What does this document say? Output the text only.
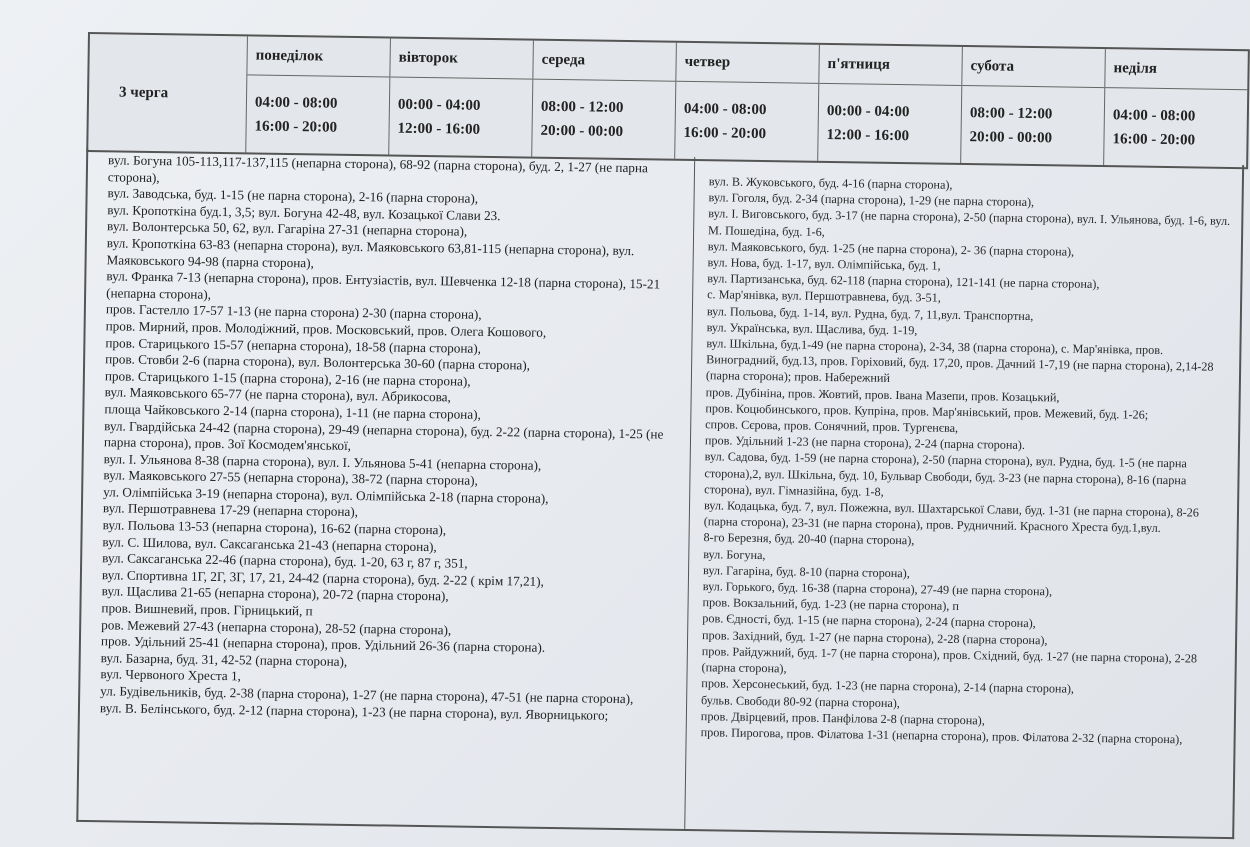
3 черга
понеділок
04:00 - 08:00
16:00 - 20:00
вівторок
00:00 - 04:00
12:00 - 16:00
середа
08:00 - 12:00
20:00 - 00:00
четвер
04:00 - 08:00
16:00 - 20:00
п'ятниця
00:00 - 04:00
12:00 - 16:00
субота
08:00 - 12:00
20:00 - 00:00
неділя
04:00 - 08:00
16:00 - 20:00
вул. Богуна 105-113,117-137,115 (непарна сторона), 68-92 (парна сторона), буд. 2, 1-27 (не парна сторона),
вул. Заводська, буд. 1-15 (не парна сторона), 2-16 (парна сторона),
вул. Кропоткіна буд.1, 3,5; вул. Богуна 42-48, вул. Козацької Слави 23.
вул. Волонтерська 50, 62, вул. Гагаріна 27-31 (непарна сторона),
вул. Кропоткіна 63-83 (непарна сторона), вул. Маяковського 63,81-115 (непарна сторона), вул. Маяковського 94-98 (парна сторона),
вул. Франка 7-13 (непарна сторона), пров. Ентузіастів, вул. Шевченка 12-18 (парна сторона), 15-21 (непарна сторона),
пров. Гастелло 17-57 1-13 (не парна сторона) 2-30 (парна сторона),
пров. Мирний, пров. Молодіжний, пров. Московський, пров. Олега Кошового,
пров. Старицького 15-57 (непарна сторона), 18-58 (парна сторона),
пров. Стовби 2-6 (парна сторона), вул. Волонтерська 30-60 (парна сторона),
пров. Старицького 1-15 (парна сторона), 2-16 (не парна сторона),
вул. Маяковського 65-77 (не парна сторона), вул. Абрикосова,
площа Чайковського 2-14 (парна сторона), 1-11 (не парна сторона),
вул. Гвардійська 24-42 (парна сторона), 29-49 (непарна сторона), буд. 2-22 (парна сторона), 1-25 (не парна сторона), пров. Зої Космодем'янської,
вул. І. Ульянова 8-38 (парна сторона), вул. І. Ульянова 5-41 (непарна сторона),
вул. Маяковського 27-55 (непарна сторона), 38-72 (парна сторона),
ул. Олімпійська 3-19 (непарна сторона), вул. Олімпійська 2-18 (парна сторона),
вул. Першотравнева 17-29 (непарна сторона),
вул. Польова 13-53 (непарна сторона), 16-62 (парна сторона),
вул. С. Шилова, вул. Саксаганська 21-43 (непарна сторона),
вул. Саксаганська 22-46 (парна сторона), буд. 1-20, 63 г, 87 г, 351,
вул. Спортивна 1Г, 2Г, 3Г, 17, 21, 24-42 (парна сторона), буд. 2-22 ( крім 17,21),
вул. Щаслива 21-65 (непарна сторона), 20-72 (парна сторона),
пров. Вишневий, пров. Гірницький, п
ров. Межевий 27-43 (непарна сторона), 28-52 (парна сторона),
пров. Удільний 25-41 (непарна сторона), пров. Удільний 26-36 (парна сторона).
вул. Базарна, буд. 31, 42-52 (парна сторона),
вул. Червоного Хреста 1,
ул. Будівельників, буд. 2-38 (парна сторона), 1-27 (не парна сторона), 47-51 (не парна сторона),
вул. В. Белінського, буд. 2-12 (парна сторона), 1-23 (не парна сторона), вул. Яворницького;
вул. В. Жуковського, буд. 4-16 (парна сторона),
вул. Гоголя, буд. 2-34 (парна сторона), 1-29 (не парна сторона),
вул. І. Виговського, буд. 3-17 (не парна сторона), 2-50 (парна сторона), вул. І. Ульянова, буд. 1-6, вул. М. Пошедіна, буд. 1-6,
вул. Маяковського, буд. 1-25 (не парна сторона), 2- 36 (парна сторона),
вул. Нова, буд. 1-17, вул. Олімпійська, буд. 1,
вул. Партизанська, буд. 62-118 (парна сторона), 121-141 (не парна сторона),
с. Мар'янівка, вул. Першотравнева, буд. 3-51,
вул. Польова, буд. 1-14, вул. Рудна, буд. 7, 11,вул. Транспортна,
вул. Українська, вул. Щаслива, буд. 1-19,
вул. Шкільна, буд.1-49 (не парна сторона), 2-34, 38 (парна сторона), с. Мар'янівка, пров. Виноградний, буд.13, пров. Горіховий, буд. 17,20, пров. Дачний 1-7,19 (не парна сторона), 2,14-28 (парна сторона); пров. Набережний
пров. Дубініна, пров. Жовтий, пров. Івана Мазепи, пров. Козацький,
пров. Коцюбинського, пров. Купріна, пров. Мар'янівський, пров. Межевий, буд. 1-26;
спров. Сєрова, пров. Сонячний, пров. Тургенєва,
пров. Удільний 1-23 (не парна сторона), 2-24 (парна сторона).
вул. Садова, буд. 1-59 (не парна сторона), 2-50 (парна сторона), вул. Рудна, буд. 1-5 (не парна сторона),2, вул. Шкільна, буд. 10, Бульвар Свободи, буд. 3-23 (не парна сторона), 8-16 (парна сторона), вул. Гімназійна, буд. 1-8,
вул. Кодацька, буд. 7, вул. Пожежна, вул. Шахтарської Слави, буд. 1-31 (не парна сторона), 8-26 (парна сторона), 23-31 (не парна сторона), пров. Рудничний. Красного Хреста буд.1,вул.
8-го Березня, буд. 20-40 (парна сторона),
вул. Богуна,
вул. Гагаріна, буд. 8-10 (парна сторона),
вул. Горького, буд. 16-38 (парна сторона), 27-49 (не парна сторона),
пров. Вокзальний, буд. 1-23 (не парна сторона), п
ров. Єдності, буд. 1-15 (не парна сторона), 2-24 (парна сторона),
пров. Західний, буд. 1-27 (не парна сторона), 2-28 (парна сторона),
пров. Райдужний, буд. 1-7 (не парна сторона), пров. Східний, буд. 1-27 (не парна сторона), 2-28 (парна сторона),
пров. Херсонеський, буд. 1-23 (не парна сторона), 2-14 (парна сторона),
бульв. Свободи 80-92 (парна сторона),
пров. Двірцевий, пров. Панфілова 2-8 (парна сторона),
пров. Пирогова, пров. Філатова 1-31 (непарна сторона), пров. Філатова 2-32 (парна сторона),
